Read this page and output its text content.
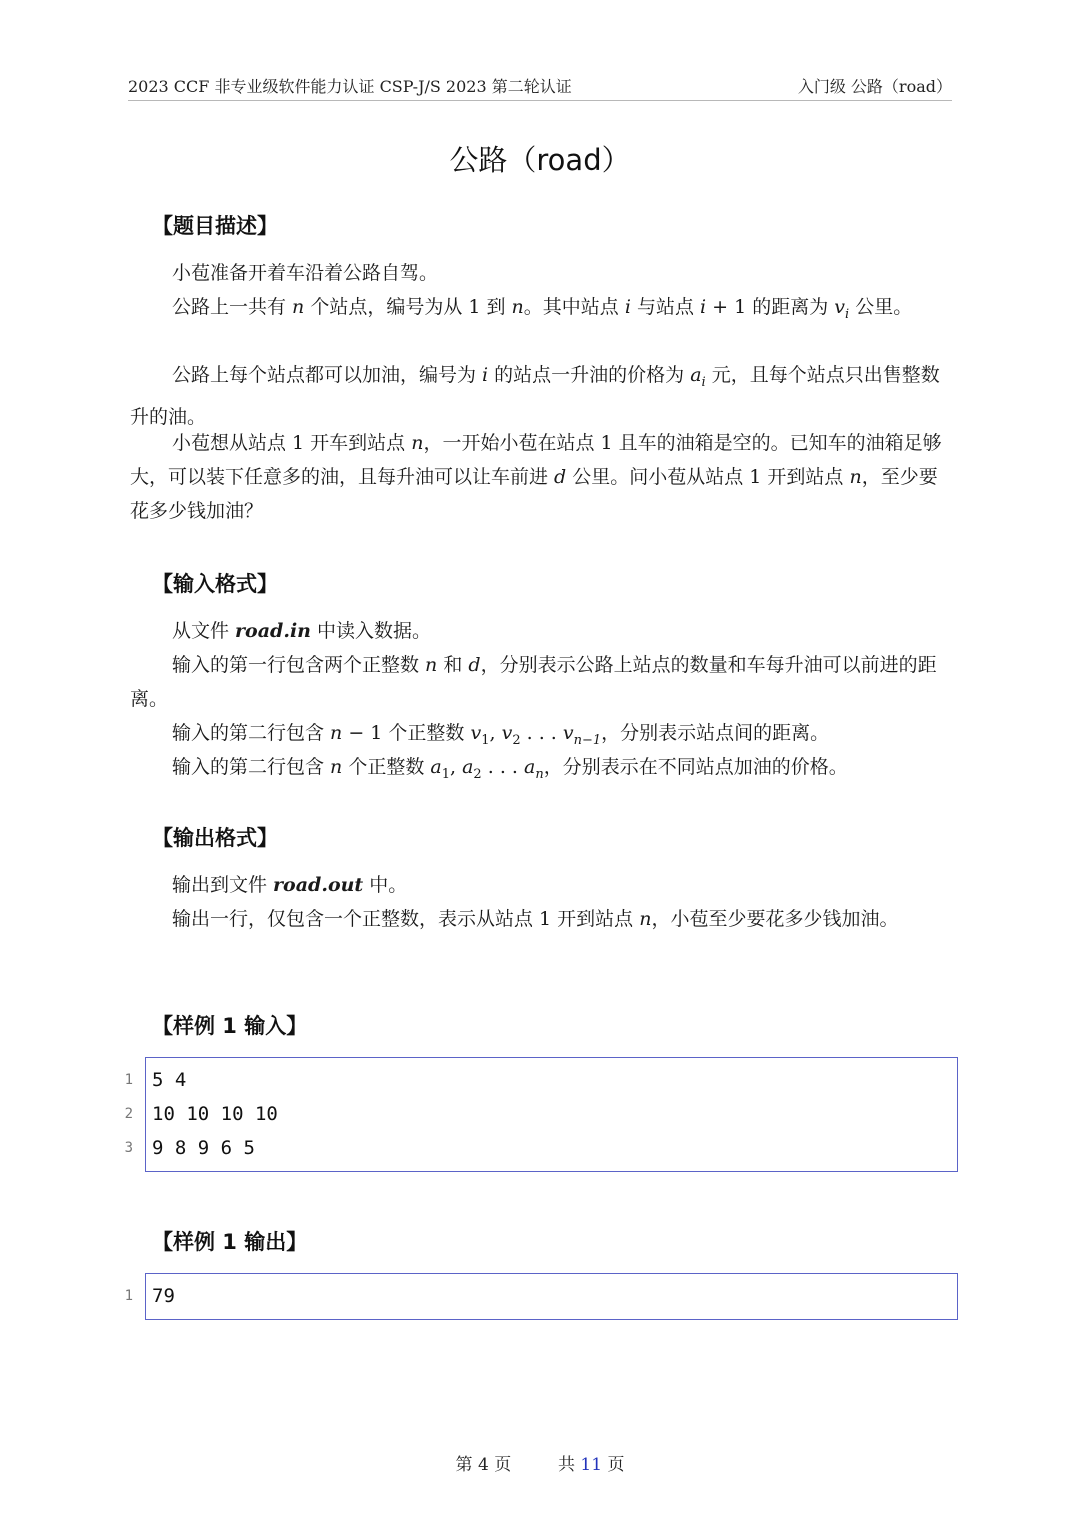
2023 CCF 非专业级软件能力认证 CSP-J/S 2023 第二轮认证	入门级 公路（road）
公路（road）
【题目描述】

小苞准备开着车沿着公路自驾。

公路上一共有 n 个站点，编号为从 1 到 n。其中站点 i 与站点 i + 1 的距离为 $v_i$ 公里。

公路上每个站点都可以加油，编号为 i 的站点一升油的价格为 $a_i$ 元，且每个站点只出售整数升的油。

小苞想从站点 1 开车到站点 n，一开始小苞在站点 1 且车的油箱是空的。已知车的油箱足够大，可以装下任意多的油，且每升油可以让车前进 d 公里。问小苞从站点 1 开到站点 n，至少要花多少钱加油？

【输入格式】

从文件 road.in 中读入数据。

输入的第一行包含两个正整数 n 和 d，分别表示公路上站点的数量和车每升油可以前进的距离。

输入的第二行包含 n − 1 个正整数 $v_1$, $v_2$ . . . $v_{n-1}$，分别表示站点间的距离。

输入的第二行包含 n 个正整数 $a_1$, $a_2$ . . . $a_n$，分别表示在不同站点加油的价格。

【输出格式】

输出到文件 road.out 中。

输出一行，仅包含一个正整数，表示从站点 1 开到站点 n，小苞至少要花多少钱加油。

【样例 1 输入】
1
2
3
5 4
10 10 10 10
9 8 9 6 5
【样例 1 输出】
1 79
第 4 页	共 11 页
